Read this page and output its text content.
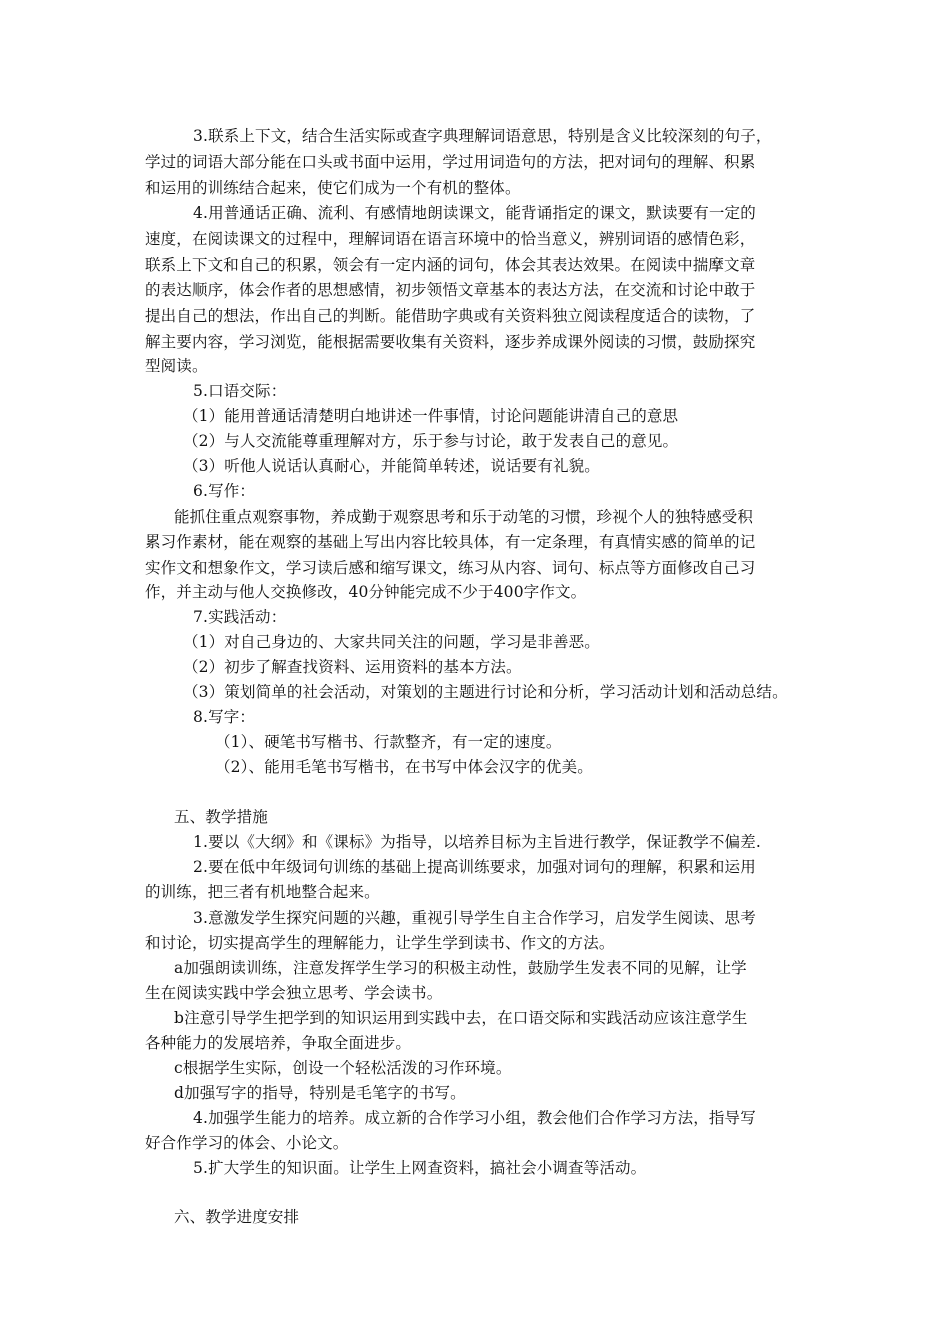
3.联系上下文，结合生活实际或查字典理解词语意思，特别是含义比较深刻的句子，
学过的词语大部分能在口头或书面中运用，学过用词造句的方法，把对词句的理解、积累
和运用的训练结合起来，使它们成为一个有机的整体。
4.用普通话正确、流利、有感情地朗读课文，能背诵指定的课文，默读要有一定的
速度，在阅读课文的过程中，理解词语在语言环境中的恰当意义，辨别词语的感情色彩，
联系上下文和自己的积累，领会有一定内涵的词句，体会其表达效果。在阅读中揣摩文章
的表达顺序，体会作者的思想感情，初步领悟文章基本的表达方法，在交流和讨论中敢于
提出自己的想法，作出自己的判断。能借助字典或有关资料独立阅读程度适合的读物，了
解主要内容，学习浏览，能根据需要收集有关资料，逐步养成课外阅读的习惯，鼓励探究
型阅读。
5.口语交际：
（1）能用普通话清楚明白地讲述一件事情，讨论问题能讲清自己的意思
（2）与人交流能尊重理解对方，乐于参与讨论，敢于发表自己的意见。
（3）听他人说话认真耐心，并能简单转述，说话要有礼貌。
6.写作：
能抓住重点观察事物，养成勤于观察思考和乐于动笔的习惯，珍视个人的独特感受积
累习作素材，能在观察的基础上写出内容比较具体，有一定条理，有真情实感的简单的记
实作文和想象作文，学习读后感和缩写课文，练习从内容、词句、标点等方面修改自己习
作，并主动与他人交换修改，40分钟能完成不少于400字作文。
7.实践活动：
（1）对自己身边的、大家共同关注的问题，学习是非善恶。
（2）初步了解查找资料、运用资料的基本方法。
（3）策划简单的社会活动，对策划的主题进行讨论和分析，学习活动计划和活动总结。
8.写字：
（1）、硬笔书写楷书、行款整齐，有一定的速度。
（2）、能用毛笔书写楷书，在书写中体会汉字的优美。
五、教学措施
1.要以《大纲》和《课标》为指导，以培养目标为主旨进行教学，保证教学不偏差.
2.要在低中年级词句训练的基础上提高训练要求，加强对词句的理解，积累和运用
的训练，把三者有机地整合起来。
3.意激发学生探究问题的兴趣，重视引导学生自主合作学习，启发学生阅读、思考
和讨论，切实提高学生的理解能力，让学生学到读书、作文的方法。
a加强朗读训练，注意发挥学生学习的积极主动性，鼓励学生发表不同的见解，让学
生在阅读实践中学会独立思考、学会读书。
b注意引导学生把学到的知识运用到实践中去，在口语交际和实践活动应该注意学生
各种能力的发展培养，争取全面进步。
c根据学生实际，创设一个轻松活泼的习作环境。
d加强写字的指导，特别是毛笔字的书写。
4.加强学生能力的培养。成立新的合作学习小组，教会他们合作学习方法，指导写
好合作学习的体会、小论文。
5.扩大学生的知识面。让学生上网查资料，搞社会小调查等活动。
六、教学进度安排
